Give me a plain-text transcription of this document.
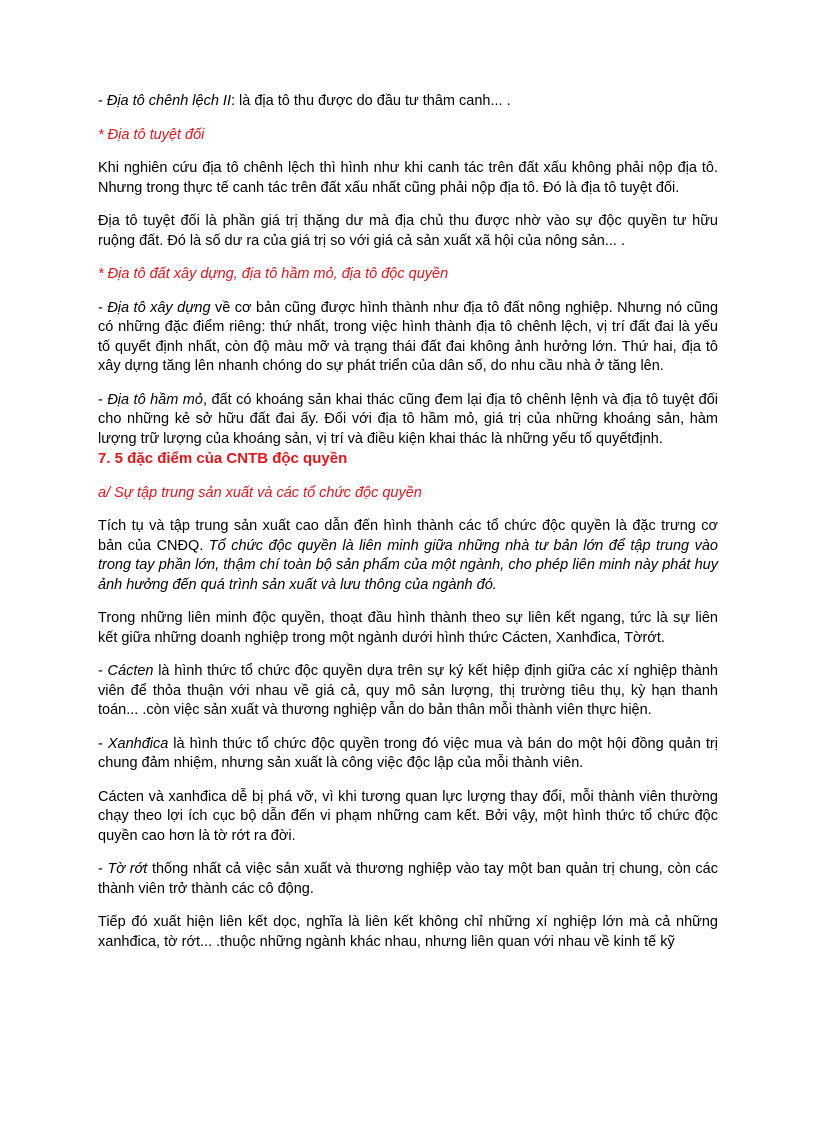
- Địa tô chênh lệch II: là địa tô thu được do đầu tư thâm canh... .

* Địa tô tuyệt đối

Khi nghiên cứu địa tô chênh lệch thì hình như khi canh tác trên đất xấu không phải nộp địa tô. Nhưng trong thực tế canh tác trên đất xấu nhất cũng phải nộp địa tô. Đó là địa tô tuyệt đối.

Địa tô tuyệt đối là phần giá trị thặng dư mà địa chủ thu được nhờ vào sự độc quyền tư hữu ruộng đất. Đó là số dư ra của giá trị so với giá cả sản xuất xã hội của nông sản... .

* Địa tô đất xây dựng, địa tô hầm mỏ, địa tô độc quyền

- Địa tô xây dựng về cơ bản cũng được hình thành như địa tô đất nông nghiệp. Nhưng nó cũng có những đặc điểm riêng: thứ nhất, trong việc hình thành địa tô chênh lệch, vị trí đất đai là yếu tố quyết định nhất, còn độ màu mỡ và trạng thái đất đai không ảnh hưởng lớn. Thứ hai, địa tô xây dựng tăng lên nhanh chóng do sự phát triển của dân số, do nhu cầu nhà ở tăng lên.

- Địa tô hầm mỏ, đất có khoáng sản khai thác cũng đem lại địa tô chênh lệnh và địa tô tuyệt đối cho những kẻ sở hữu đất đai ấy. Đối với địa tô hầm mỏ, giá trị của những khoáng sản, hàm lượng trữ lượng của khoáng sản, vị trí và điều kiện khai thác là những yếu tố quyếtđịnh.

7. 5 đặc điểm của CNTB độc quyền

a/ Sự tập trung sản xuất và các tổ chức độc quyền

Tích tụ và tập trung sản xuất cao dẫn đến hình thành các tổ chức độc quyền là đặc trưng cơ bản của CNĐQ. Tổ chức độc quyền là liên minh giữa những nhà tư bản lớn để tập trung vào trong tay phần lớn, thậm chí toàn bộ sản phẩm của một ngành, cho phép liên minh này phát huy ảnh hưởng đến quá trình sản xuất và lưu thông của ngành đó.

Trong những liên minh độc quyền, thoạt đầu hình thành theo sự liên kết ngang, tức là sự liên kết giữa những doanh nghiệp trong một ngành dưới hình thức Cácten, Xanhđica, Tờrớt.

- Cácten là hình thức tổ chức độc quyền dựa trên sự ký kết hiệp định giữa các xí nghiệp thành viên để thỏa thuận với nhau về giá cả, quy mô sản lượng, thị trường tiêu thụ, kỳ hạn thanh toán... .còn việc sản xuất và thương nghiệp vẫn do bản thân mỗi thành viên thực hiện.

- Xanhđica là hình thức tổ chức độc quyền trong đó việc mua và bán do một hội đồng quản trị chung đảm nhiệm, nhưng sản xuất là công việc độc lập của mỗi thành viên.

Cácten và xanhđica dễ bị phá vỡ, vì khi tương quan lực lượng thay đổi, mỗi thành viên thường chạy theo lợi ích cục bộ dẫn đến vi phạm những cam kết. Bởi vậy, một hình thức tổ chức độc quyền cao hơn là tờ rớt ra đời.

- Tờ rớt thống nhất cả việc sản xuất và thương nghiệp vào tay một ban quản trị chung, còn các thành viên trở thành các cô động.

Tiếp đó xuất hiện liên kết dọc, nghĩa là liên kết không chỉ những xí nghiệp lớn mà cả những xanhđica, tờ rớt... .thuộc những ngành khác nhau, nhưng liên quan với nhau về kinh tế kỹ
